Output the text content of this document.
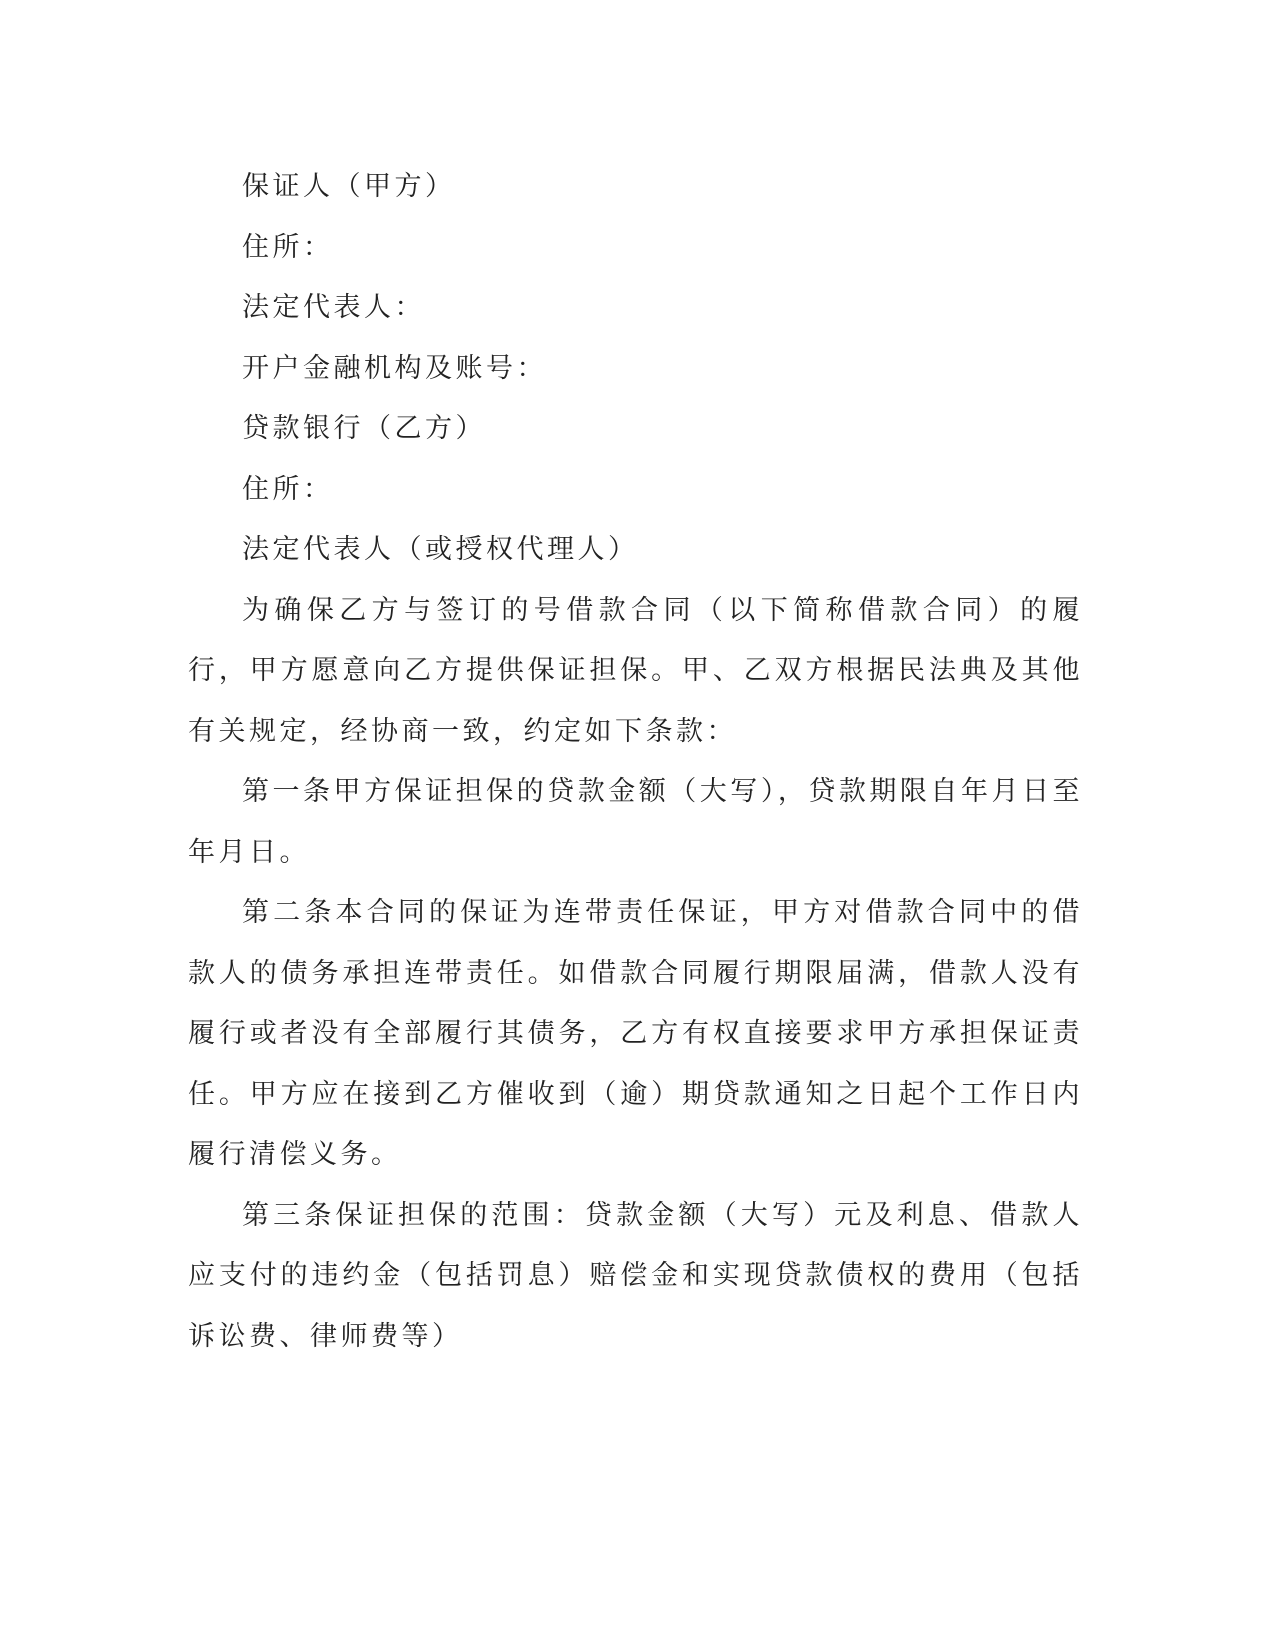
保证人（甲方）

住所：

法定代表人：

开户金融机构及账号：

贷款银行（乙方）

住所：

法定代表人（或授权代理人）

为确保乙方与签订的号借款合同（以下简称借款合同）的履行，甲方愿意向乙方提供保证担保。甲、乙双方根据民法典及其他有关规定，经协商一致，约定如下条款：

第一条甲方保证担保的贷款金额（大写），贷款期限自年月日至年月日。

第二条本合同的保证为连带责任保证，甲方对借款合同中的借款人的债务承担连带责任。如借款合同履行期限届满，借款人没有履行或者没有全部履行其债务，乙方有权直接要求甲方承担保证责任。甲方应在接到乙方催收到（逾）期贷款通知之日起个工作日内履行清偿义务。

第三条保证担保的范围：贷款金额（大写）元及利息、借款人应支付的违约金（包括罚息）赔偿金和实现贷款债权的费用（包括诉讼费、律师费等）
